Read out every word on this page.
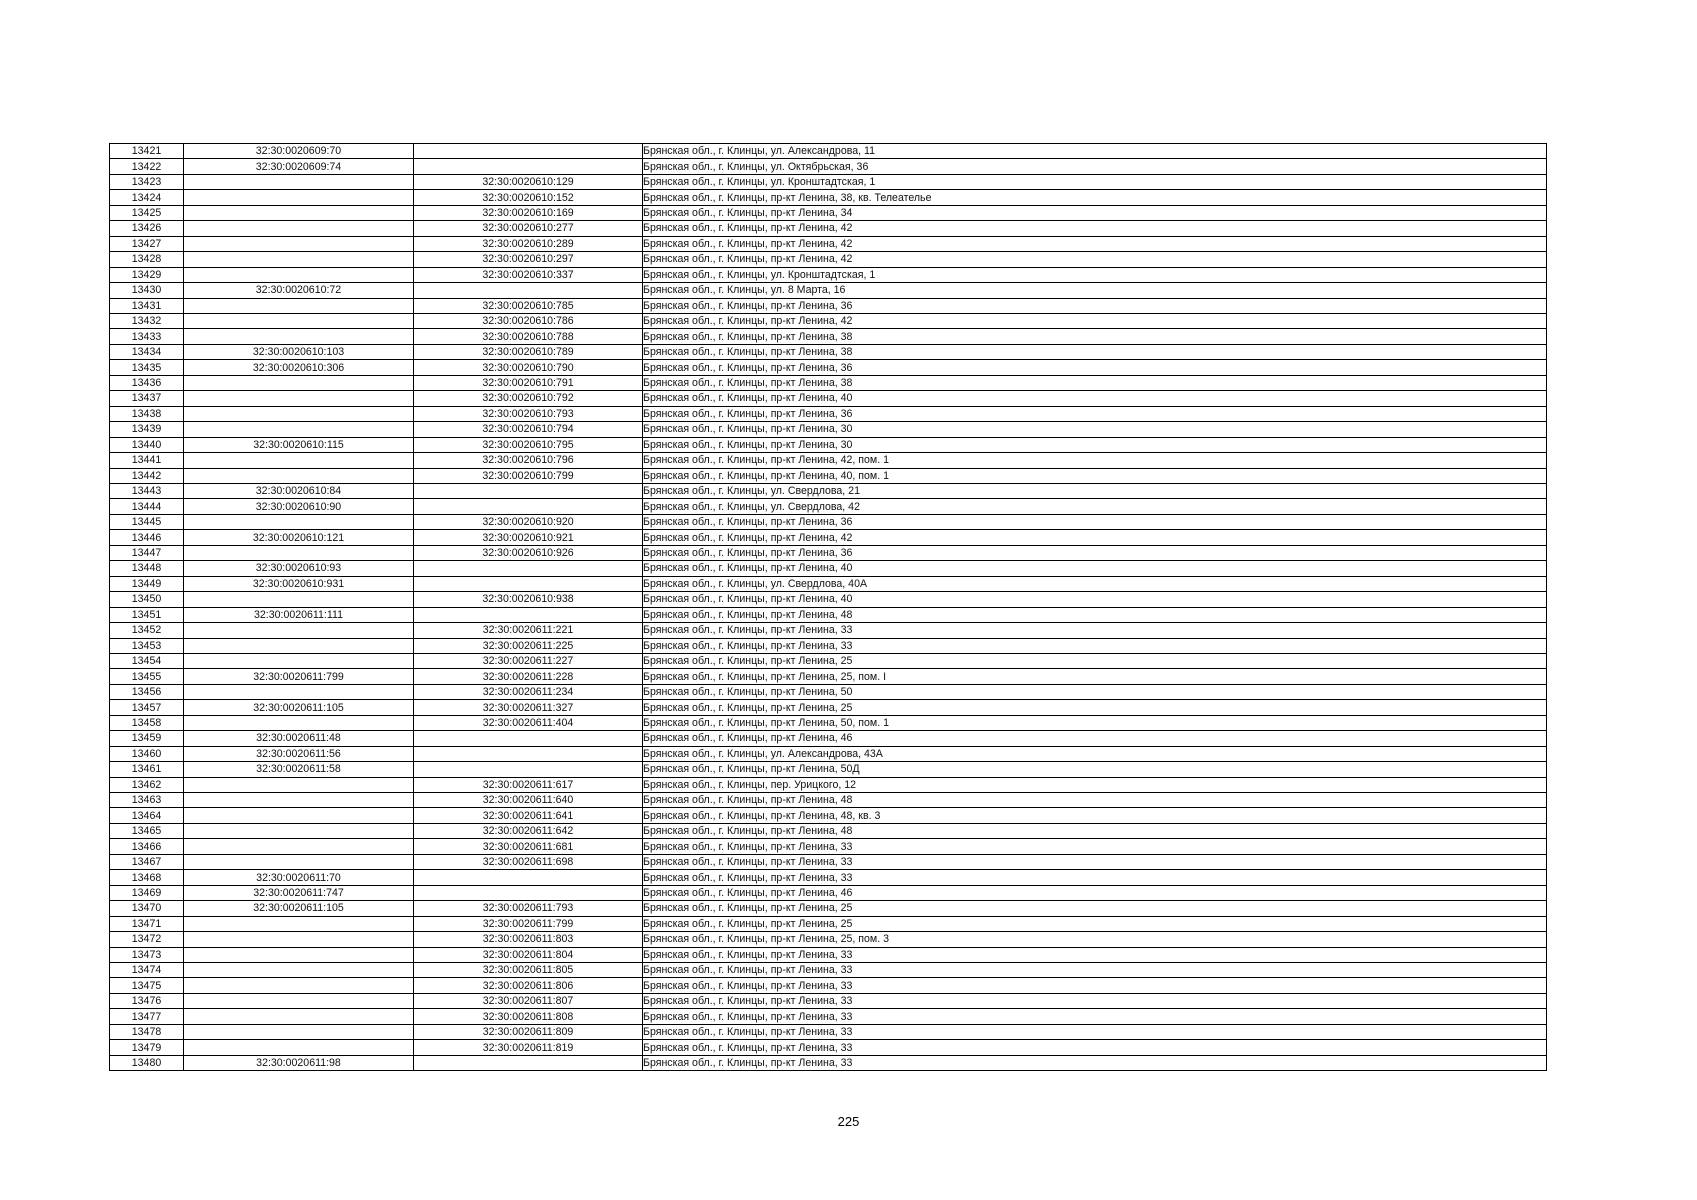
13421	32:30:0020609:70		Брянская обл., г. Клинцы, ул. Александрова, 11
13422	32:30:0020609:74		Брянская обл., г. Клинцы, ул. Октябрьская, 36
13423		32:30:0020610:129	Брянская обл., г. Клинцы, ул. Кронштадтская, 1
13424		32:30:0020610:152	Брянская обл., г. Клинцы, пр-кт Ленина, 38, кв. Телеателье
13425		32:30:0020610:169	Брянская обл., г. Клинцы, пр-кт Ленина, 34
13426		32:30:0020610:277	Брянская обл., г. Клинцы, пр-кт Ленина, 42
13427		32:30:0020610:289	Брянская обл., г. Клинцы, пр-кт Ленина, 42
13428		32:30:0020610:297	Брянская обл., г. Клинцы, пр-кт Ленина, 42
13429		32:30:0020610:337	Брянская обл., г. Клинцы, ул. Кронштадтская, 1
13430	32:30:0020610:72		Брянская обл., г. Клинцы, ул. 8 Марта, 16
13431		32:30:0020610:785	Брянская обл., г. Клинцы, пр-кт Ленина, 36
13432		32:30:0020610:786	Брянская обл., г. Клинцы, пр-кт Ленина, 42
13433		32:30:0020610:788	Брянская обл., г. Клинцы, пр-кт Ленина, 38
13434	32:30:0020610:103	32:30:0020610:789	Брянская обл., г. Клинцы, пр-кт Ленина, 38
13435	32:30:0020610:306	32:30:0020610:790	Брянская обл., г. Клинцы, пр-кт Ленина, 36
13436		32:30:0020610:791	Брянская обл., г. Клинцы, пр-кт Ленина, 38
13437		32:30:0020610:792	Брянская обл., г. Клинцы, пр-кт Ленина, 40
13438		32:30:0020610:793	Брянская обл., г. Клинцы, пр-кт Ленина, 36
13439		32:30:0020610:794	Брянская обл., г. Клинцы, пр-кт Ленина, 30
13440	32:30:0020610:115	32:30:0020610:795	Брянская обл., г. Клинцы, пр-кт Ленина, 30
13441		32:30:0020610:796	Брянская обл., г. Клинцы, пр-кт Ленина, 42, пом. 1
13442		32:30:0020610:799	Брянская обл., г. Клинцы, пр-кт Ленина, 40, пом. 1
13443	32:30:0020610:84		Брянская обл., г. Клинцы, ул. Свердлова, 21
13444	32:30:0020610:90		Брянская обл., г. Клинцы, ул. Свердлова, 42
13445		32:30:0020610:920	Брянская обл., г. Клинцы, пр-кт Ленина, 36
13446	32:30:0020610:121	32:30:0020610:921	Брянская обл., г. Клинцы, пр-кт Ленина, 42
13447		32:30:0020610:926	Брянская обл., г. Клинцы, пр-кт Ленина, 36
13448	32:30:0020610:93		Брянская обл., г. Клинцы, пр-кт Ленина, 40
13449	32:30:0020610:931		Брянская обл., г. Клинцы, ул. Свердлова, 40А
13450		32:30:0020610:938	Брянская обл., г. Клинцы, пр-кт Ленина, 40
13451	32:30:0020611:111		Брянская обл., г. Клинцы, пр-кт Ленина, 48
13452		32:30:0020611:221	Брянская обл., г. Клинцы, пр-кт Ленина, 33
13453		32:30:0020611:225	Брянская обл., г. Клинцы, пр-кт Ленина, 33
13454		32:30:0020611:227	Брянская обл., г. Клинцы, пр-кт Ленина, 25
13455	32:30:0020611:799	32:30:0020611:228	Брянская обл., г. Клинцы, пр-кт Ленина, 25, пом. I
13456		32:30:0020611:234	Брянская обл., г. Клинцы, пр-кт Ленина, 50
13457	32:30:0020611:105	32:30:0020611:327	Брянская обл., г. Клинцы, пр-кт Ленина, 25
13458		32:30:0020611:404	Брянская обл., г. Клинцы, пр-кт Ленина, 50, пом. 1
13459	32:30:0020611:48		Брянская обл., г. Клинцы, пр-кт Ленина, 46
13460	32:30:0020611:56		Брянская обл., г. Клинцы, ул. Александрова, 43А
13461	32:30:0020611:58		Брянская обл., г. Клинцы, пр-кт Ленина, 50Д
13462		32:30:0020611:617	Брянская обл., г. Клинцы, пер. Урицкого, 12
13463		32:30:0020611:640	Брянская обл., г. Клинцы, пр-кт Ленина, 48
13464		32:30:0020611:641	Брянская обл., г. Клинцы, пр-кт Ленина, 48, кв. 3
13465		32:30:0020611:642	Брянская обл., г. Клинцы, пр-кт Ленина, 48
13466		32:30:0020611:681	Брянская обл., г. Клинцы, пр-кт Ленина, 33
13467		32:30:0020611:698	Брянская обл., г. Клинцы, пр-кт Ленина, 33
13468	32:30:0020611:70		Брянская обл., г. Клинцы, пр-кт Ленина, 33
13469	32:30:0020611:747		Брянская обл., г. Клинцы, пр-кт Ленина, 46
13470	32:30:0020611:105	32:30:0020611:793	Брянская обл., г. Клинцы, пр-кт Ленина, 25
13471		32:30:0020611:799	Брянская обл., г. Клинцы, пр-кт Ленина, 25
13472		32:30:0020611:803	Брянская обл., г. Клинцы, пр-кт Ленина, 25, пом. 3
13473		32:30:0020611:804	Брянская обл., г. Клинцы, пр-кт Ленина, 33
13474		32:30:0020611:805	Брянская обл., г. Клинцы, пр-кт Ленина, 33
13475		32:30:0020611:806	Брянская обл., г. Клинцы, пр-кт Ленина, 33
13476		32:30:0020611:807	Брянская обл., г. Клинцы, пр-кт Ленина, 33
13477		32:30:0020611:808	Брянская обл., г. Клинцы, пр-кт Ленина, 33
13478		32:30:0020611:809	Брянская обл., г. Клинцы, пр-кт Ленина, 33
13479		32:30:0020611:819	Брянская обл., г. Клинцы, пр-кт Ленина, 33
13480	32:30:0020611:98		Брянская обл., г. Клинцы, пр-кт Ленина, 33
225
